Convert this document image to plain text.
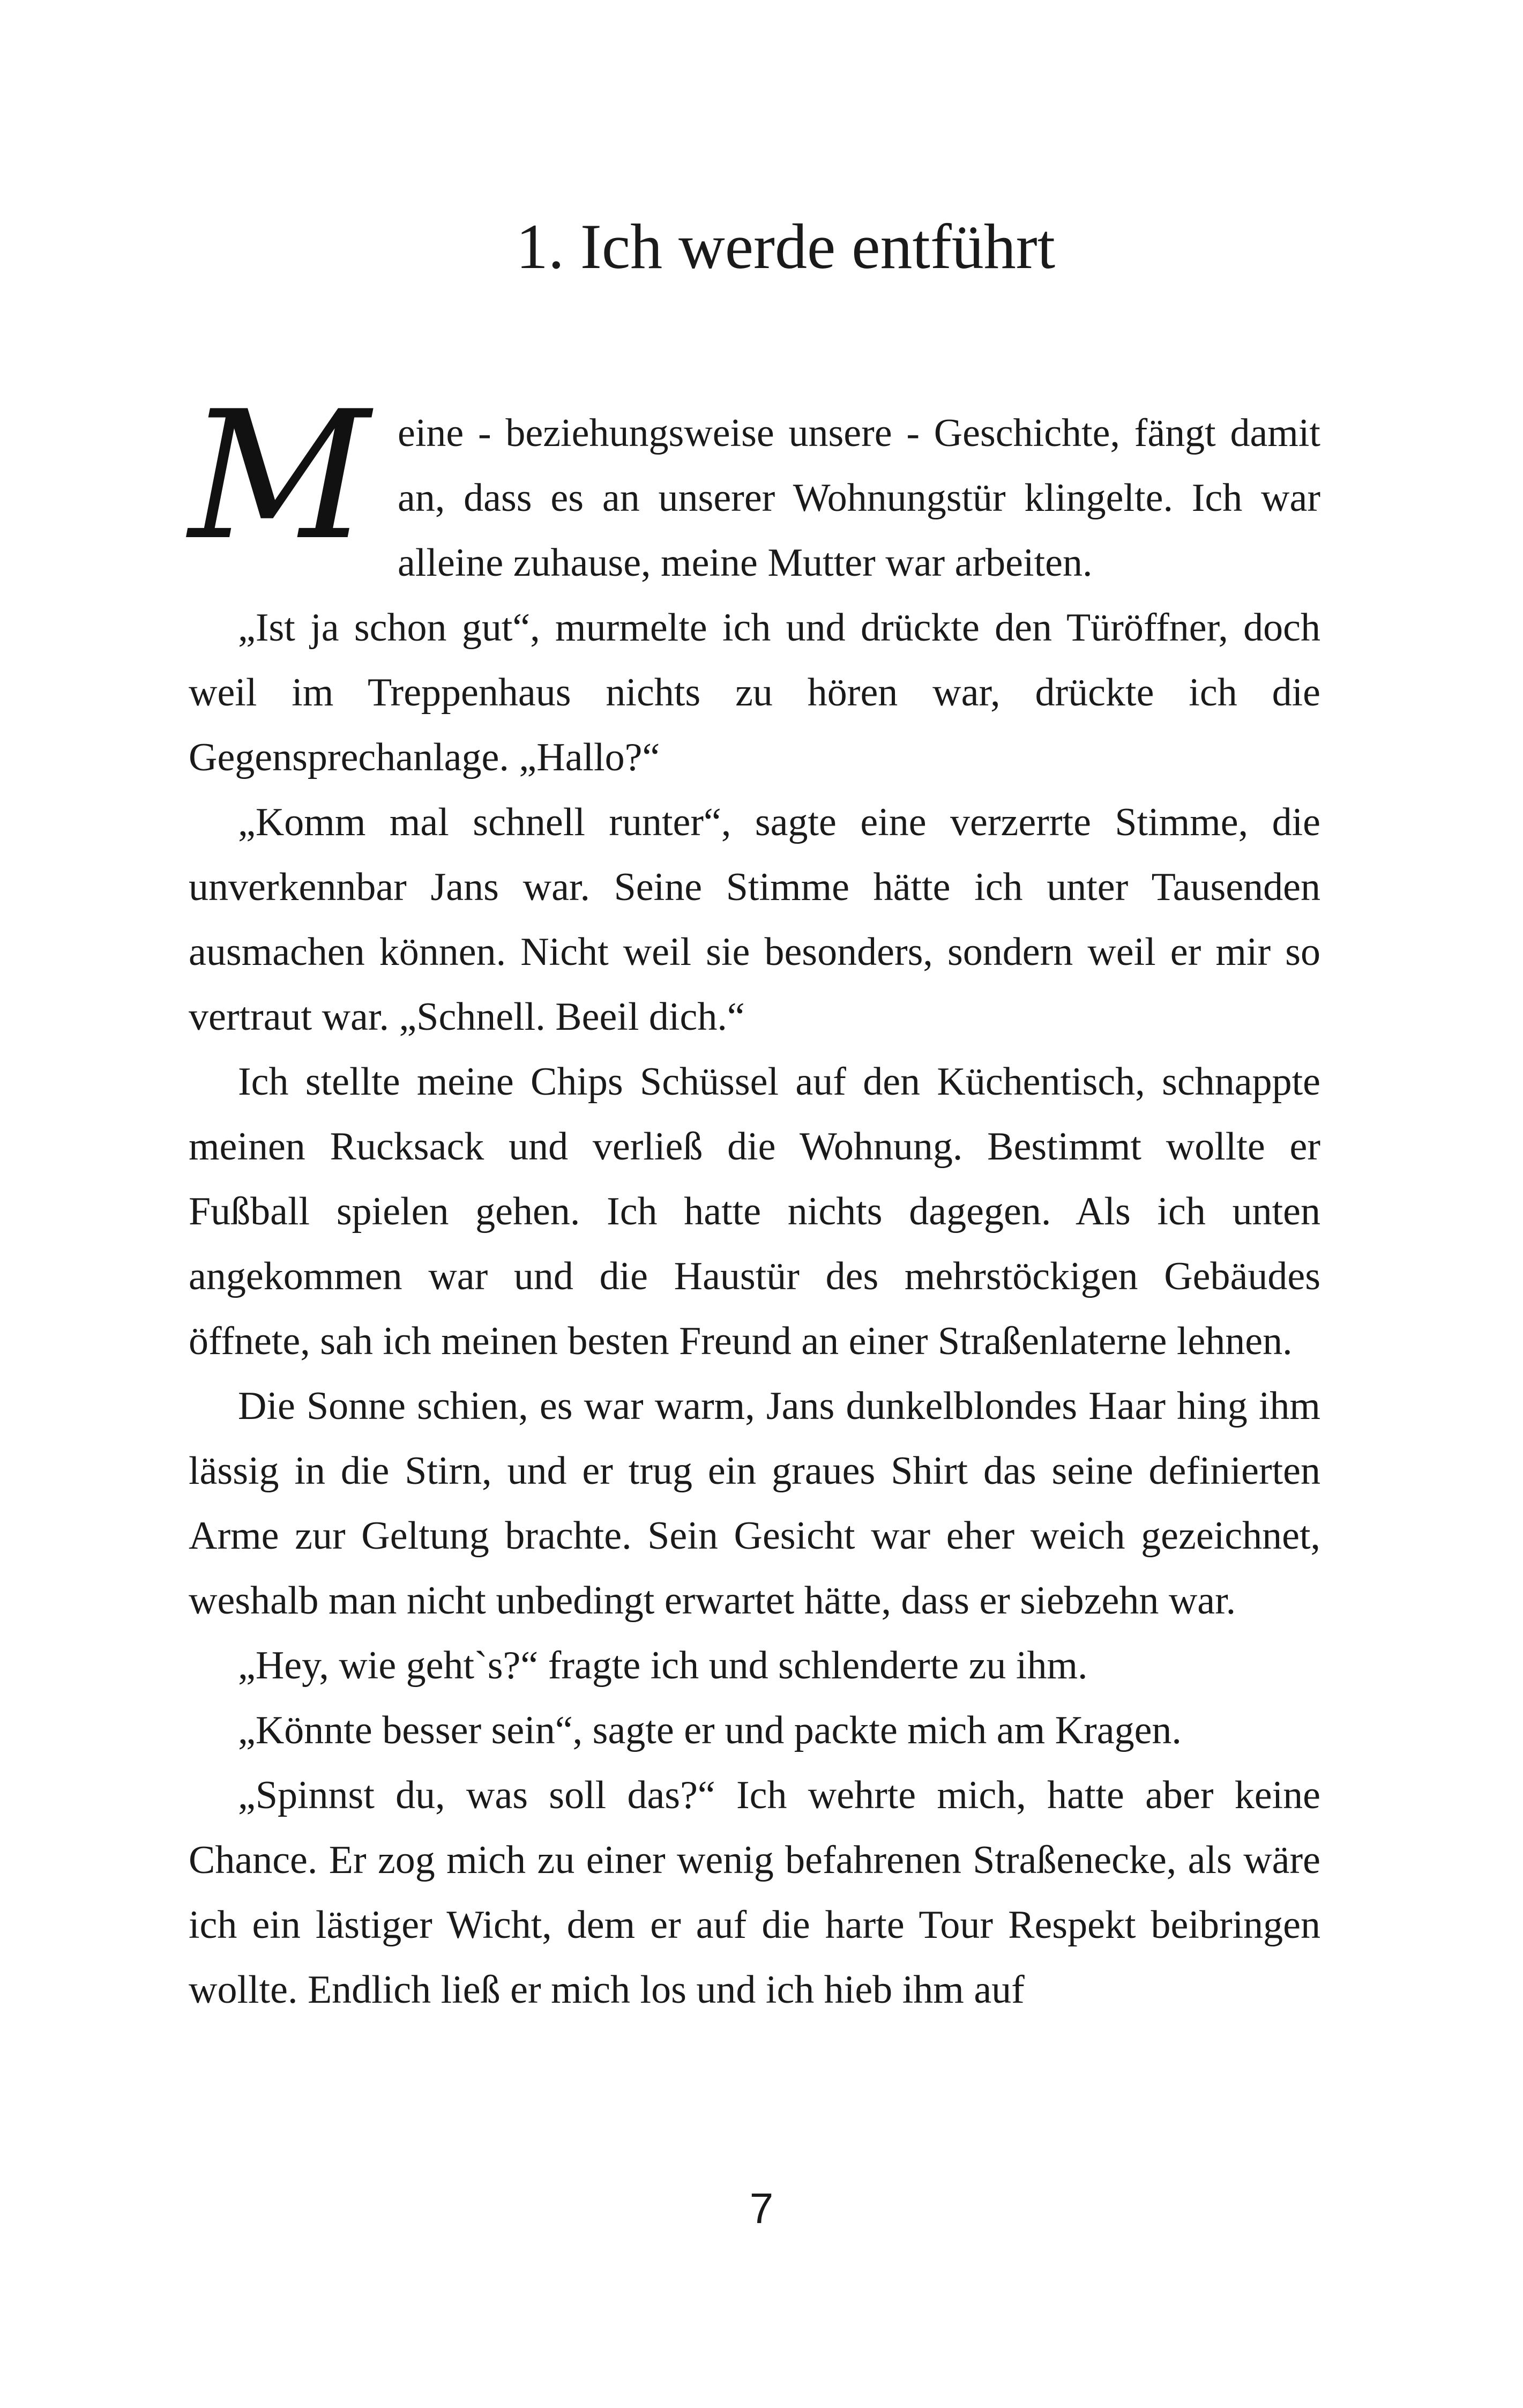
1. Ich werde entführt

Meine - beziehungsweise unsere - Geschichte, fängt damit an, dass es an unserer Wohnungstür klingelte. Ich war alleine zuhause, meine Mutter war arbeiten.

„Ist ja schon gut“, murmelte ich und drückte den Türöffner, doch weil im Treppenhaus nichts zu hören war, drückte ich die Gegensprechanlage. „Hallo?“

„Komm mal schnell runter“, sagte eine verzerrte Stimme, die unverkennbar Jans war. Seine Stimme hätte ich unter Tausenden ausmachen können. Nicht weil sie besonders, sondern weil er mir so vertraut war. „Schnell. Beeil dich.“

Ich stellte meine Chips Schüssel auf den Küchentisch, schnappte meinen Rucksack und verließ die Wohnung. Bestimmt wollte er Fußball spielen gehen. Ich hatte nichts dagegen. Als ich unten angekommen war und die Haustür des mehrstöckigen Gebäudes öffnete, sah ich meinen besten Freund an einer Straßenlaterne lehnen.

Die Sonne schien, es war warm, Jans dunkelblondes Haar hing ihm lässig in die Stirn, und er trug ein graues Shirt das seine definierten Arme zur Geltung brachte. Sein Gesicht war eher weich gezeichnet, weshalb man nicht unbedingt erwartet hätte, dass er siebzehn war.

„Hey, wie geht`s?“ fragte ich und schlenderte zu ihm.

„Könnte besser sein“, sagte er und packte mich am Kragen.

„Spinnst du, was soll das?“ Ich wehrte mich, hatte aber keine Chance. Er zog mich zu einer wenig befahrenen Straßenecke, als wäre ich ein lästiger Wicht, dem er auf die harte Tour Respekt beibringen wollte. Endlich ließ er mich los und ich hieb ihm auf

7
